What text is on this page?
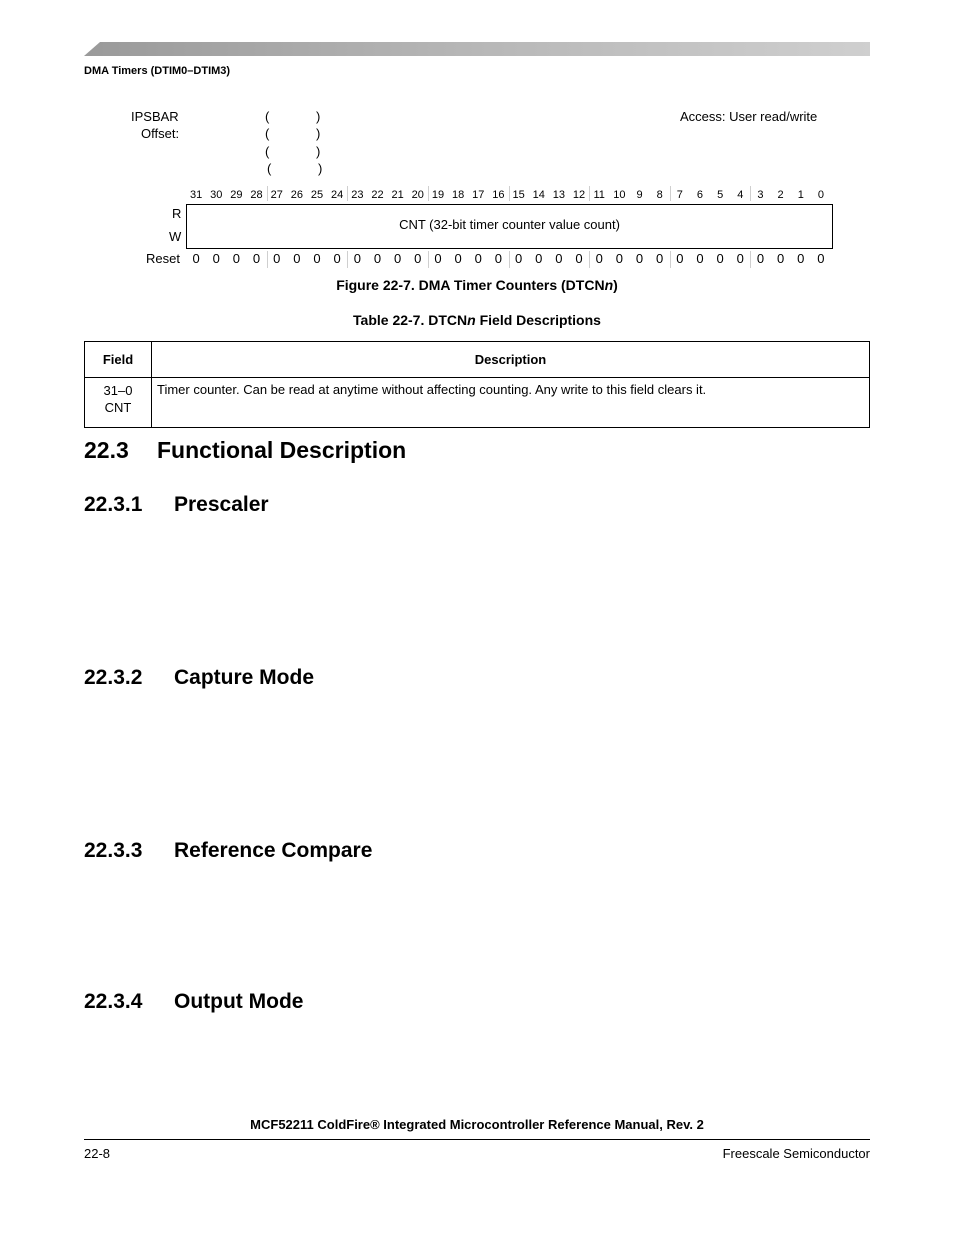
DMA Timers (DTIM0–DTIM3)
IPSBAR
Offset:
(	)
(	)
(	)
(	)
Access: User read/write
31 30 29 28 27 26 25 24 23 22 21 20 19 18 17 16 15 14 13 12 11 10 9	8	7	6	5	4	3	2	1	0
R
W
CNT (32-bit timer counter value count)
Reset 0 0 0 0 0 0 0 0 0 0 0 0 0 0 0 0 0 0 0 0 0 0 0 0 0 0 0 0 0 0 0 0
Figure 22-7. DMA Timer Counters (DTCNn)
Table 22-7. DTCNn Field Descriptions
Field	Description

31–0
CNT	Timer counter. Can be read at anytime without affecting counting. Any write to this field clears it.
22.3 Functional Description
22.3.1 Prescaler
22.3.2 Capture Mode
22.3.3 Reference Compare
22.3.4 Output Mode
MCF52211 ColdFire® Integrated Microcontroller Reference Manual, Rev. 2
22-8	Freescale Semiconductor
